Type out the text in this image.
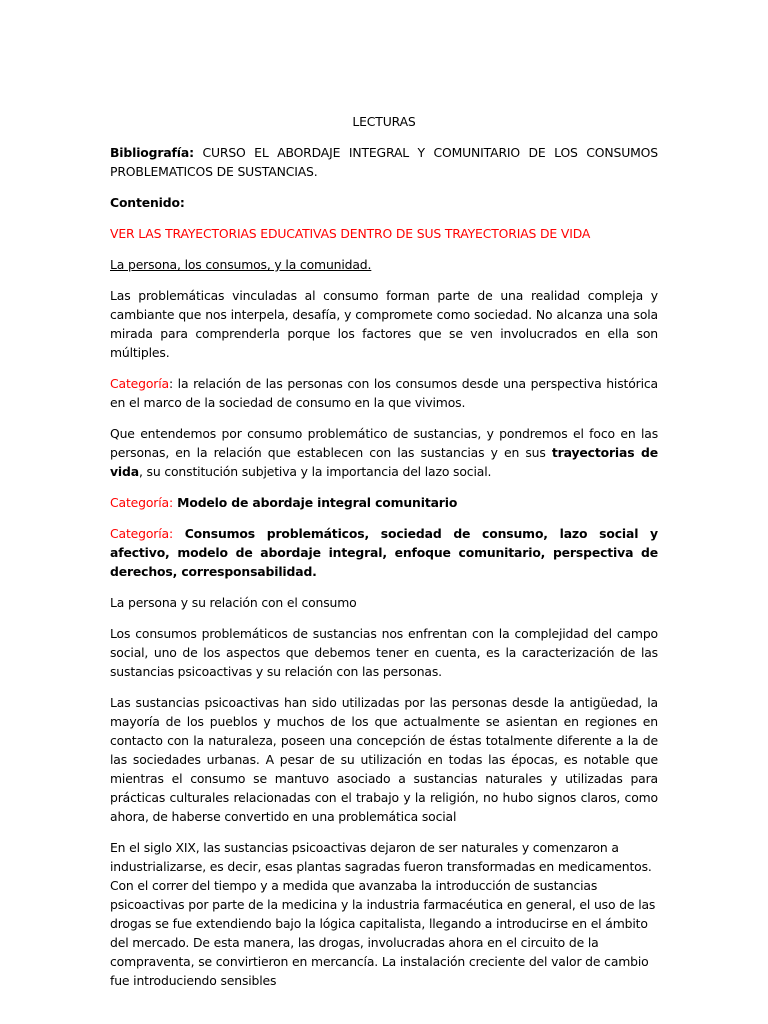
LECTURAS

Bibliografía: CURSO EL ABORDAJE INTEGRAL Y COMUNITARIO DE LOS CONSUMOS PROBLEMATICOS DE SUSTANCIAS.

Contenido:

VER LAS TRAYECTORIAS EDUCATIVAS DENTRO DE SUS TRAYECTORIAS DE VIDA

La persona, los consumos, y la comunidad.

Las problemáticas vinculadas al consumo forman parte de una realidad compleja y cambiante que nos interpela, desafía, y compromete como sociedad. No alcanza una sola mirada para comprenderla porque los factores que se ven involucrados en ella son múltiples.

Categoría: la relación de las personas con los consumos desde una perspectiva histórica en el marco de la sociedad de consumo en la que vivimos.

Que entendemos por consumo problemático de sustancias, y pondremos el foco en las personas, en la relación que establecen con las sustancias y en sus trayectorias de vida, su constitución subjetiva y la importancia del lazo social.

Categoría: Modelo de abordaje integral comunitario

Categoría: Consumos problemáticos, sociedad de consumo, lazo social y afectivo, modelo de abordaje integral, enfoque comunitario, perspectiva de derechos, corresponsabilidad.

La persona y su relación con el consumo

Los consumos problemáticos de sustancias nos enfrentan con la complejidad del campo social, uno de los aspectos que debemos tener en cuenta, es la caracterización de las sustancias psicoactivas y su relación con las personas.

Las sustancias psicoactivas han sido utilizadas por las personas desde la antigüedad, la mayoría de los pueblos y muchos de los que actualmente se asientan en regiones en contacto con la naturaleza, poseen una concepción de éstas totalmente diferente a la de las sociedades urbanas. A pesar de su utilización en todas las épocas, es notable que mientras el consumo se mantuvo asociado a sustancias naturales y utilizadas para prácticas culturales relacionadas con el trabajo y la religión, no hubo signos claros, como ahora, de haberse convertido en una problemática social

En el siglo XIX, las sustancias psicoactivas dejaron de ser naturales y comenzaron a industrializarse, es decir, esas plantas sagradas fueron transformadas en medicamentos. Con el correr del tiempo y a medida que avanzaba la introducción de sustancias psicoactivas por parte de la medicina y la industria farmacéutica en general, el uso de las drogas se fue extendiendo bajo la lógica capitalista, llegando a introducirse en el ámbito del mercado. De esta manera, las drogas, involucradas ahora en el circuito de la compraventa, se convirtieron en mercancía. La instalación creciente del valor de cambio fue introduciendo sensibles
